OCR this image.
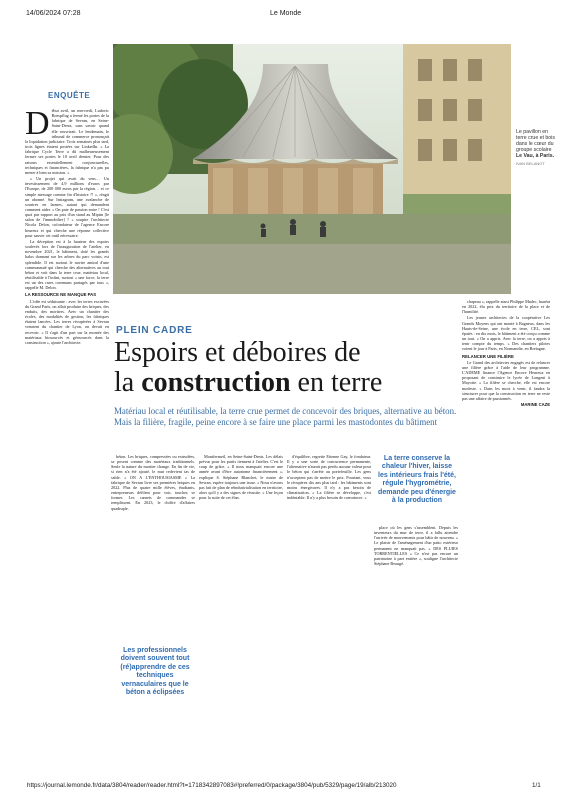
14/06/2024 07:28	Le Monde
ENQUÊTE
Le pavillon en terre crue et bois dans le cœur du groupe scolaire
Le Vau, à Paris.
IVAN BELANOT
D ébut avril, un mercredi, Ludovic Boespflug a fermé les portes de la fabrique de Sevran, en Seine-Saint-Denis, sans savoir quand elle rouvrirait. Le lendemain, le tribunal de commerce prononçait la liquidation judiciaire. Trois semaines plus tard, trois lignes étaient postées sur LinkedIn. « La fabrique Cycle Terre a dû malheureusement fermer ses portes le 10 avril dernier. Pour des raisons essentiellement conjoncturelles, techniques et financières, la fabrique n'a pas pu mener à bien sa mission. »

« Un projet qui avait du sens… Un investissement de 4,9 millions d'euros par l'Europe, de 200 000 euros par la région… et ce simple message comme fin d'histoire ?! », réagit un abonné. Sur Instagram, une avalanche de sourires en larmes, autant qui demandent comment aider. « On paie de passion entre ! C'est quoi par rapport au prix d'un stand au Mipim [le salon de l'immobilier] ? » soupire l'architecte Nicola Delon, cofondateur de l'agence Encore heureux et qui cherche une réponse collective pour sauver cet outil nécessaire.

La déception est à la hauteur des espoirs soulevés lors de l'inauguration de l'atelier, en novembre 2021, le bâtiment, doté les grands halos donnant sur les arbres du parc voisin, est splendide. Il est surtout le navire amiral d'une communauté qui cherche des alternatives au tout béton et voit dans la terre crue, matériau local, réutilisable à l'infini, surtout « une force, la terre est un des rares communs partagés par tous », rappelle M. Delon.

LA RESSOURCE NE MANQUE PAS

L'idée est séduisante : avec les terres excavées du Grand Paris, on allait produire des briques, des enduits, des mortiers. Avec un chantier des écoles, des modalités de gestion, les fabriques étaient lancées. Les terres récupérées à Sevran venaient du chantier de Lyon, on devait en recevoir. « Il s'agit d'un pari sur la montée des matériaux biosourcés et géosourcés dans la construction », ajoute l'architecte.

PLEIN CADRE
Espoirs et déboires de
la construction en terre
Matériau local et réutilisable, la terre crue permet de concevoir des briques, alternative au béton. Mais la filière, fragile, peine encore à se faire une place parmi les mastodontes du bâtiment

béton. Les briques, compressées ou extrudées, se posent comme des matériaux traditionnels. Seule la nature du mortier change. En fin de vie, si rien n'a été ajouté, le mur redevient tas de sable. « ON A L'ENTHOUSIASME » La fabrique de Sevran livre ses premières briques en 2022. Plus de quatre mille élèves, étudiants, entrepreneurs défilent pour voir, toucher, se former. Les carnets de commandes se remplissent. En 2023, le chiffre d'affaires quadruple.

Montfermeil, en Seine-Saint-Denis. Les délais prévus pour les partis tiennent à l'atelier. C'est le coup de grâce. « Il nous manquait encore une année avant d'être autonome financièrement », explique S. Stéphane Blanchet, le maire de Sevran, espère toujours une issue. « Nous n'avons pas fait de plan de réindustrialisation en territoire, alors qu'il y a des signes de réussite. » Une leçon pour la suite de cet élan.

d'équilibre, regrette Etienne Gay, le fondateur. Il y a une sorte de concurrence permanente, l'alternative n'aurait pas perdu aucune valeur pour le béton qui s'arrête au portefeuille. Les gens n'acceptent pas de mettre le prix. Pourtant, vous le récupérez dix ans plus tard : les bâtiments sont moins énergivores. Il n'y a pas besoin de climatisation. « La filière se développe, c'est indéniable. Il n'y a plus besoin de convaincre. »

place où les gens s'assemblent. Depuis les inventeurs du mur de terre, il a fallu attendre l'arrivée de mouvements pour bâtir de nouveau. « Le plaisir de l'aménagement d'un patio extérieur permanent ne manquait pas. » DES PLUIES TORRENTIELLES « Ce n'est pas encore un patrimoine à part entière », souligne l'architecte Stéphane Beaugé.

La terre conserve la chaleur l'hiver, laisse les intérieurs frais l'été, régule l'hygrométrie, demande peu d'énergie à la production
Les professionnels doivent souvent tout (ré)apprendre de ces techniques vernaculaires que le béton a éclipsées

chapeau », rappelle aussi Philippe Madec, lauréat en 2022, élu prix du territoire de la place et de l'humilité.

Les jeunes architectes de la coopérative Les Grands Moyens qui ont monté à Bagneux, dans les Hauts-de-Seine, une école en terre, CEL, sont épatés : en dix mois, le bâtiment a été conçu comme un tout. « On a appris. Avec la terre, on a appris à tenir compte du temps. » Des chantiers pilotes voient le jour à Paris, en Normandie, en Bretagne.

RELANCER UNE FILIÈRE

Le Grand des architectes engagés est de relancer une filière grâce à l'aide de leur programme. L'ADEME finance l'Agence Encore Heureux en proposant de construire le lycée de Longeni à Mayotte. « La filière se cherche, elle est encore modeste. » Dans les mois à venir, il faudra la structurer pour que la construction en terre ne reste pas une affaire de passionnés.

MARINE CAZE

https://journal.lemonde.fr/data/3804/reader/reader.html?t=1718342897083#!preferred/0/package/3804/pub/5329/page/19/alb/213020	1/1
